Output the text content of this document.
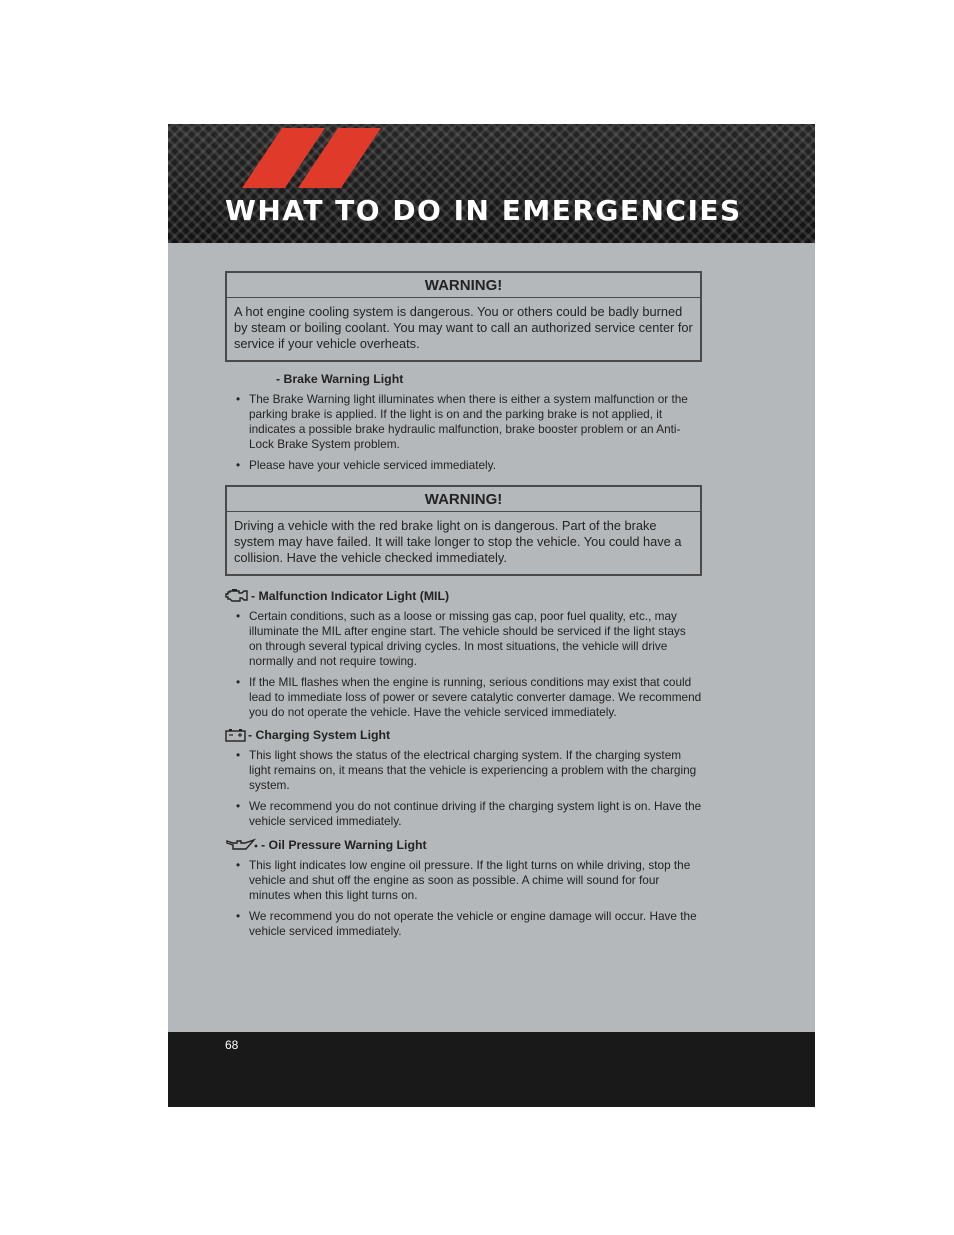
WHAT TO DO IN EMERGENCIES
WARNING!
A hot engine cooling system is dangerous. You or others could be badly burned by steam or boiling coolant. You may want to call an authorized service center for service if your vehicle overheats.
- Brake Warning Light
• The Brake Warning light illuminates when there is either a system malfunction or the parking brake is applied. If the light is on and the parking brake is not applied, it indicates a possible brake hydraulic malfunction, brake booster problem or an Anti-Lock Brake System problem.
• Please have your vehicle serviced immediately.
WARNING!
Driving a vehicle with the red brake light on is dangerous. Part of the brake system may have failed. It will take longer to stop the vehicle. You could have a collision. Have the vehicle checked immediately.
- Malfunction Indicator Light (MIL)
• Certain conditions, such as a loose or missing gas cap, poor fuel quality, etc., may illuminate the MIL after engine start. The vehicle should be serviced if the light stays on through several typical driving cycles. In most situations, the vehicle will drive normally and not require towing.
• If the MIL flashes when the engine is running, serious conditions may exist that could lead to immediate loss of power or severe catalytic converter damage. We recommend you do not operate the vehicle. Have the vehicle serviced immediately.
- Charging System Light
• This light shows the status of the electrical charging system. If the charging system light remains on, it means that the vehicle is experiencing a problem with the charging system.
• We recommend you do not continue driving if the charging system light is on. Have the vehicle serviced immediately.
- Oil Pressure Warning Light
• This light indicates low engine oil pressure. If the light turns on while driving, stop the vehicle and shut off the engine as soon as possible. A chime will sound for four minutes when this light turns on.
• We recommend you do not operate the vehicle or engine damage will occur. Have the vehicle serviced immediately.
68
